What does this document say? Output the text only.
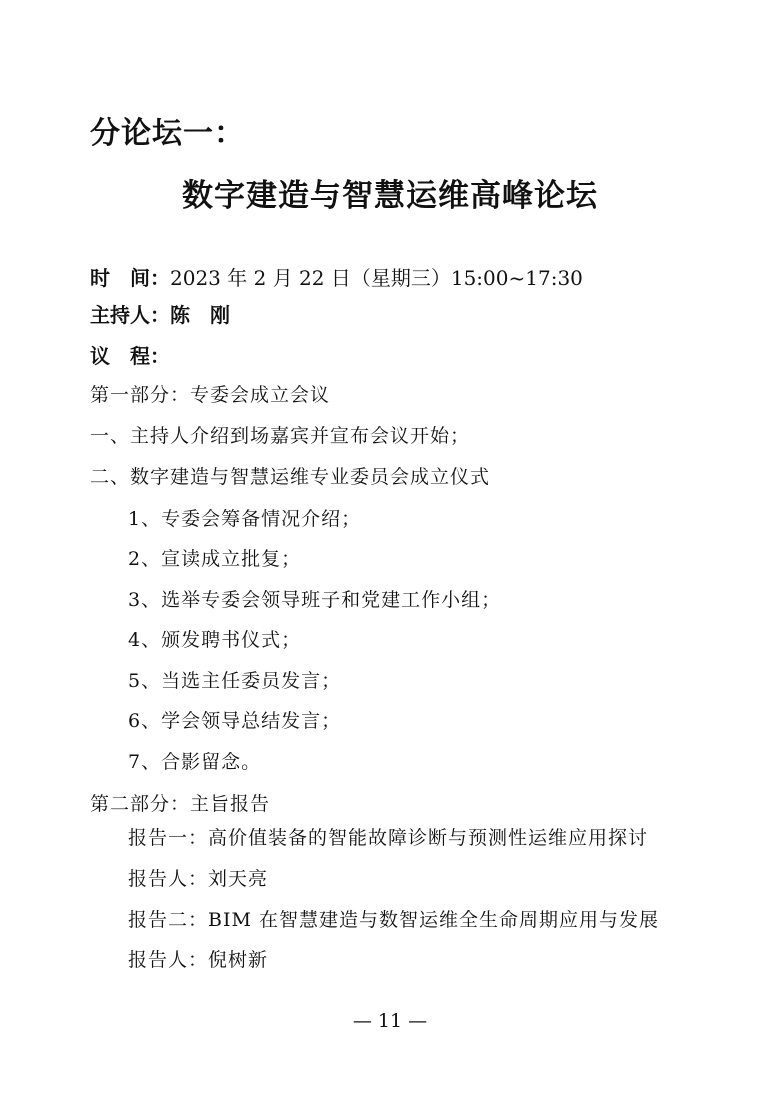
分论坛一：
数字建造与智慧运维高峰论坛
时　间：2023 年 2 月 22 日（星期三）15:00~17:30
主持人：陈　刚
议　程：
第一部分：专委会成立会议
一、主持人介绍到场嘉宾并宣布会议开始；
二、数字建造与智慧运维专业委员会成立仪式
1、专委会筹备情况介绍；
2、宣读成立批复；
3、选举专委会领导班子和党建工作小组；
4、颁发聘书仪式；
5、当选主任委员发言；
6、学会领导总结发言；
7、合影留念。
第二部分：主旨报告
报告一：高价值装备的智能故障诊断与预测性运维应用探讨
报告人：刘天亮
报告二：BIM 在智慧建造与数智运维全生命周期应用与发展
报告人：倪树新
— 11 —
